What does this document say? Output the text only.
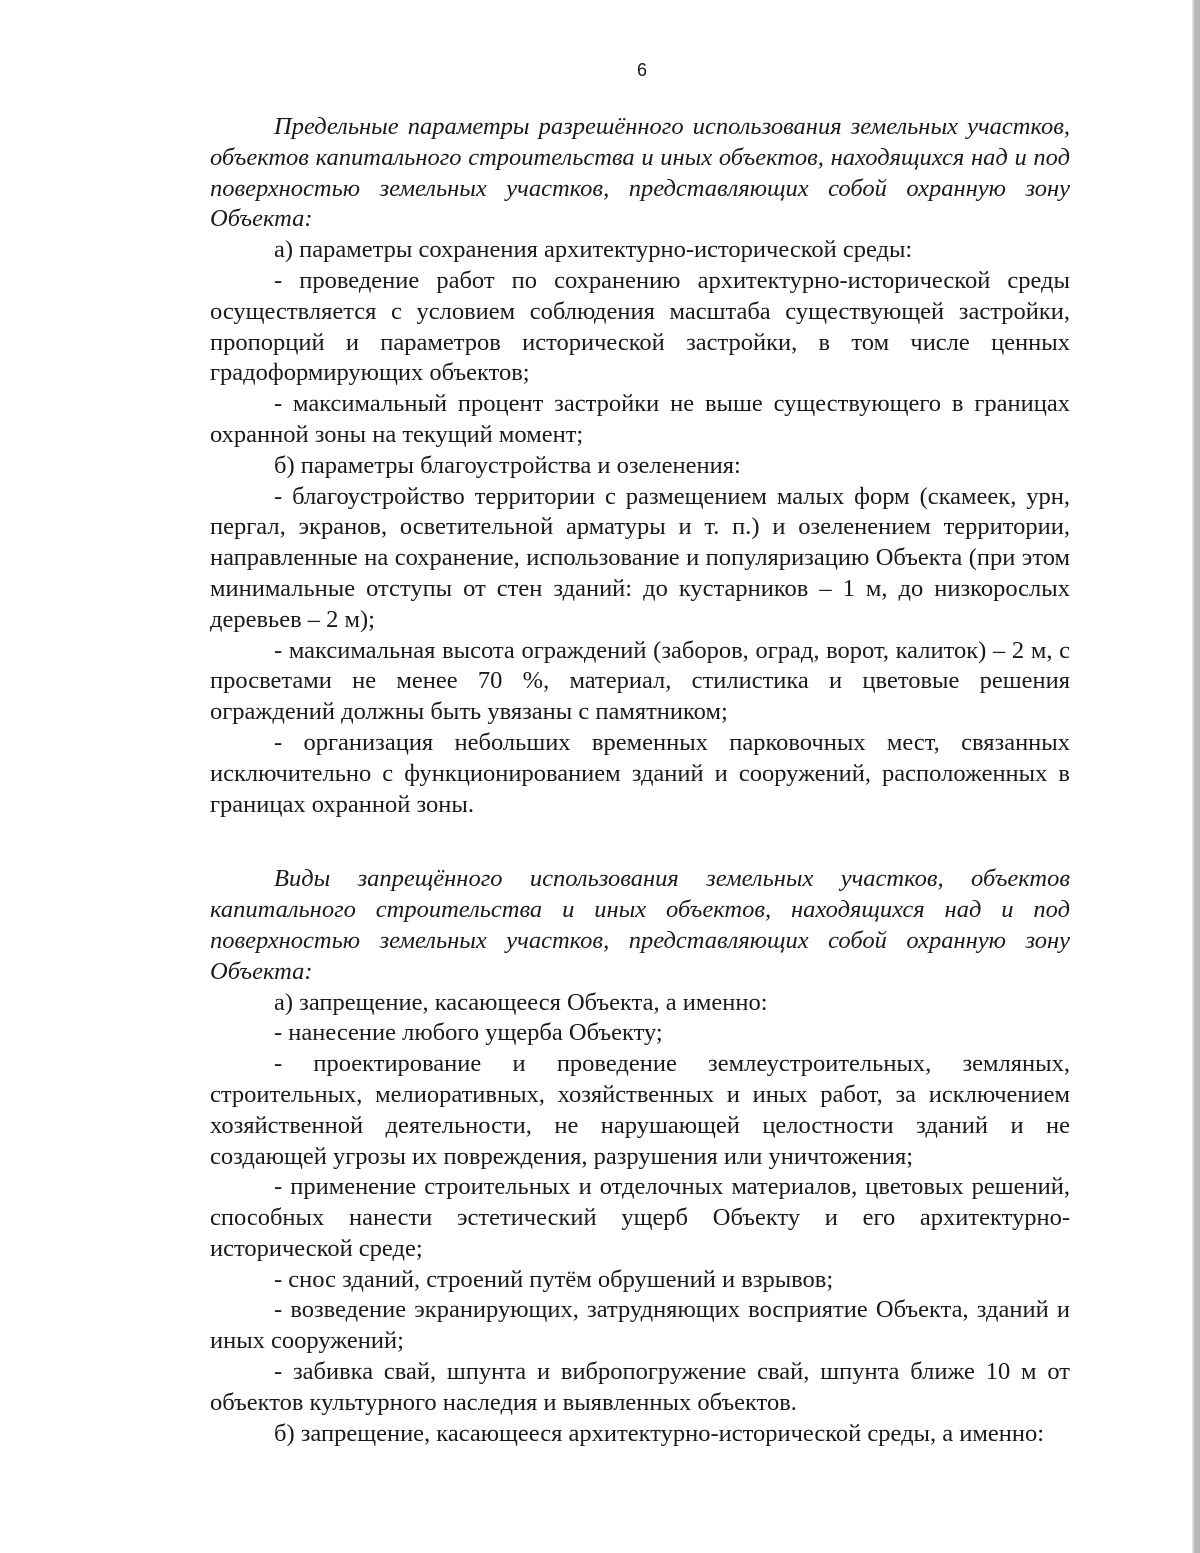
6

Предельные параметры разрешённого использования земельных участков, объектов капитального строительства и иных объектов, находящихся над и под поверхностью земельных участков, представляющих собой охранную зону Объекта:

а) параметры сохранения архитектурно-исторической среды:

- проведение работ по сохранению архитектурно-исторической среды осуществляется с условием соблюдения масштаба существующей застройки, пропорций и параметров исторической застройки, в том числе ценных градоформирующих объектов;

- максимальный процент застройки не выше существующего в границах охранной зоны на текущий момент;

б) параметры благоустройства и озеленения:

- благоустройство территории с размещением малых форм (скамеек, урн, пергал, экранов, осветительной арматуры и т. п.) и озеленением территории, направленные на сохранение, использование и популяризацию Объекта (при этом минимальные отступы от стен зданий: до кустарников – 1 м, до низкорослых деревьев – 2 м);

- максимальная высота ограждений (заборов, оград, ворот, калиток) – 2 м, с просветами не менее 70 %, материал, стилистика и цветовые решения ограждений должны быть увязаны с памятником;

- организация небольших временных парковочных мест, связанных исключительно с функционированием зданий и сооружений, расположенных в границах охранной зоны.

Виды запрещённого использования земельных участков, объектов капитального строительства и иных объектов, находящихся над и под поверхностью земельных участков, представляющих собой охранную зону Объекта:

а) запрещение, касающееся Объекта, а именно:

- нанесение любого ущерба Объекту;

- проектирование и проведение землеустроительных, земляных, строительных, мелиоративных, хозяйственных и иных работ, за исключением хозяйственной деятельности, не нарушающей целостности зданий и не создающей угрозы их повреждения, разрушения или уничтожения;

- применение строительных и отделочных материалов, цветовых решений, способных нанести эстетический ущерб Объекту и его архитектурно-исторической среде;

- снос зданий, строений путём обрушений и взрывов;

- возведение экранирующих, затрудняющих восприятие Объекта, зданий и иных сооружений;

- забивка свай, шпунта и вибропогружение свай, шпунта ближе 10 м от объектов культурного наследия и выявленных объектов.

б) запрещение, касающееся архитектурно-исторической среды, а именно:
